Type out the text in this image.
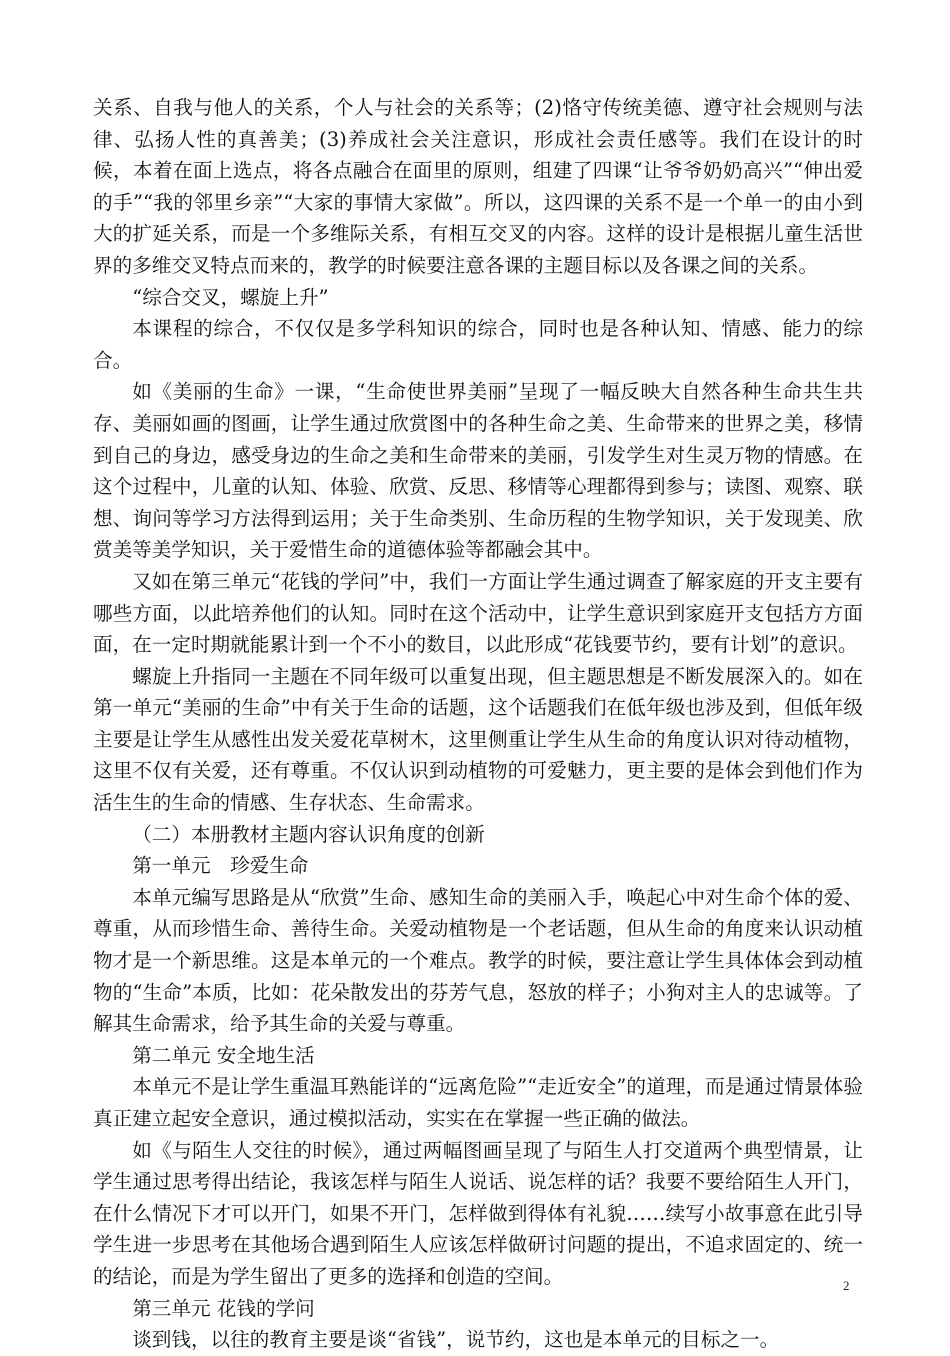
关系、自我与他人的关系，个人与社会的关系等；(2)恪守传统美德、遵守社会规则与法律、弘扬人性的真善美；(3)养成社会关注意识，形成社会责任感等。我们在设计的时候，本着在面上选点，将各点融合在面里的原则，组建了四课“让爷爷奶奶高兴”“伸出爱的手”“我的邻里乡亲”“大家的事情大家做”。所以，这四课的关系不是一个单一的由小到大的扩延关系，而是一个多维际关系，有相互交叉的内容。这样的设计是根据儿童生活世界的多维交叉特点而来的，教学的时候要注意各课的主题目标以及各课之间的关系。

“综合交叉，螺旋上升”

本课程的综合，不仅仅是多学科知识的综合，同时也是各种认知、情感、能力的综合。

如《美丽的生命》一课，“生命使世界美丽”呈现了一幅反映大自然各种生命共生共存、美丽如画的图画，让学生通过欣赏图中的各种生命之美、生命带来的世界之美，移情到自己的身边，感受身边的生命之美和生命带来的美丽，引发学生对生灵万物的情感。在这个过程中，儿童的认知、体验、欣赏、反思、移情等心理都得到参与；读图、观察、联想、询问等学习方法得到运用；关于生命类别、生命历程的生物学知识，关于发现美、欣赏美等美学知识，关于爱惜生命的道德体验等都融会其中。

又如在第三单元“花钱的学问”中，我们一方面让学生通过调查了解家庭的开支主要有哪些方面，以此培养他们的认知。同时在这个活动中，让学生意识到家庭开支包括方方面面，在一定时期就能累计到一个不小的数目，以此形成“花钱要节约，要有计划”的意识。

螺旋上升指同一主题在不同年级可以重复出现，但主题思想是不断发展深入的。如在第一单元“美丽的生命”中有关于生命的话题，这个话题我们在低年级也涉及到，但低年级主要是让学生从感性出发关爱花草树木，这里侧重让学生从生命的角度认识对待动植物，这里不仅有关爱，还有尊重。不仅认识到动植物的可爱魅力，更主要的是体会到他们作为活生生的生命的情感、生存状态、生命需求。

（二）本册教材主题内容认识角度的创新

第一单元　珍爱生命

本单元编写思路是从“欣赏”生命、感知生命的美丽入手，唤起心中对生命个体的爱、尊重，从而珍惜生命、善待生命。关爱动植物是一个老话题，但从生命的角度来认识动植物才是一个新思维。这是本单元的一个难点。教学的时候，要注意让学生具体体会到动植物的“生命”本质，比如：花朵散发出的芬芳气息，怒放的样子；小狗对主人的忠诚等。了解其生命需求，给予其生命的关爱与尊重。

第二单元 安全地生活

本单元不是让学生重温耳熟能详的“远离危险”“走近安全”的道理，而是通过情景体验真正建立起安全意识，通过模拟活动，实实在在掌握一些正确的做法。

如《与陌生人交往的时候》，通过两幅图画呈现了与陌生人打交道两个典型情景，让学生通过思考得出结论，我该怎样与陌生人说话、说怎样的话？我要不要给陌生人开门，在什么情况下才可以开门，如果不开门，怎样做到得体有礼貌……续写小故事意在此引导学生进一步思考在其他场合遇到陌生人应该怎样做研讨问题的提出，不追求固定的、统一的结论，而是为学生留出了更多的选择和创造的空间。

第三单元 花钱的学问

谈到钱，以往的教育主要是谈“省钱”，说节约，这也是本单元的目标之一。

2
